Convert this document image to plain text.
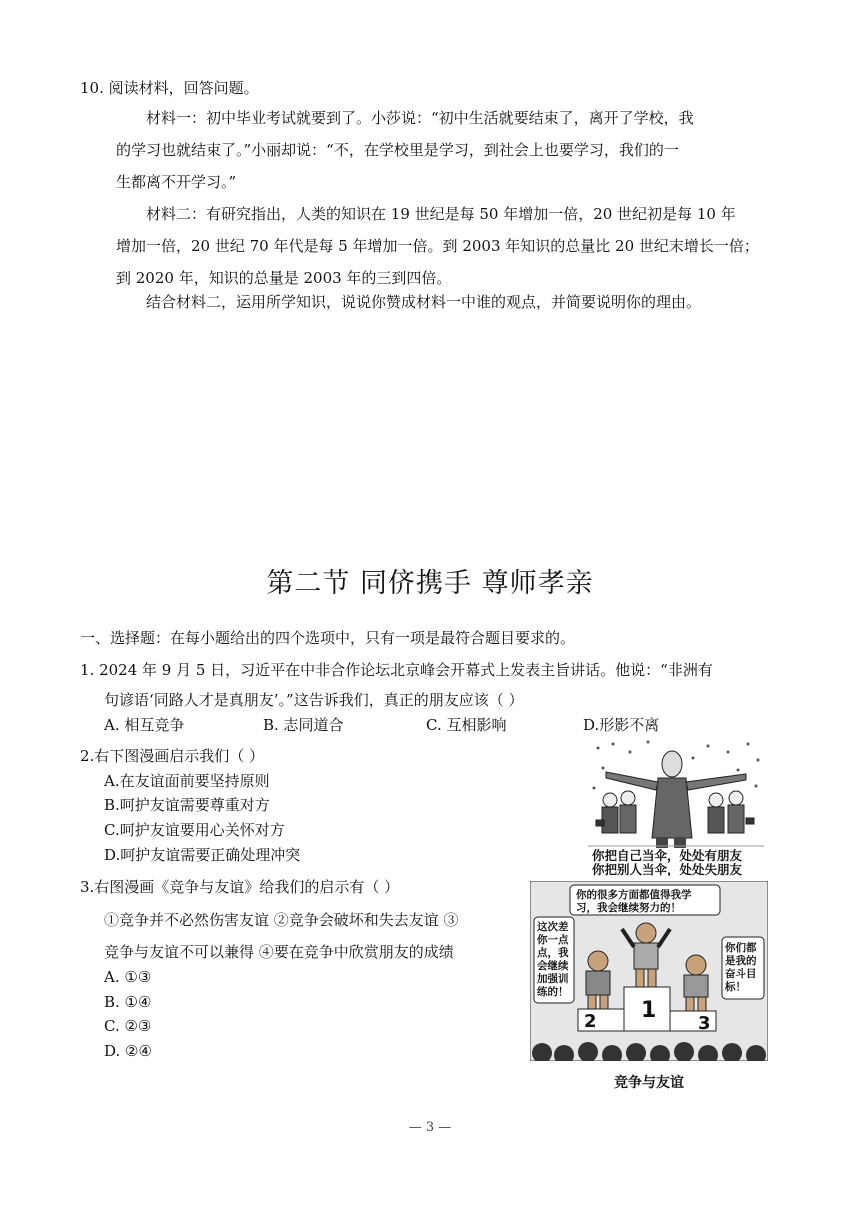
10. 阅读材料，回答问题。
材料一：初中毕业考试就要到了。小莎说：“初中生活就要结束了，离开了学校，我
的学习也就结束了。”小丽却说：“不，在学校里是学习，到社会上也要学习，我们的一
生都离不开学习。”
材料二：有研究指出，人类的知识在 19 世纪是每 50 年增加一倍，20 世纪初是每 10 年
增加一倍，20 世纪 70 年代是每 5 年增加一倍。到 2003 年知识的总量比 20 世纪末增长一倍；
到 2020 年，知识的总量是 2003 年的三到四倍。
结合材料二，运用所学知识，说说你赞成材料一中谁的观点，并简要说明你的理由。
第二节 同侪携手 尊师孝亲
一、选择题：在每小题给出的四个选项中，只有一项是最符合题目要求的。
1. 2024 年 9 月 5 日，习近平在中非合作论坛北京峰会开幕式上发表主旨讲话。他说：“非洲有
句谚语‘同路人才是真朋友’。”这告诉我们，真正的朋友应该（ ）
A. 相互竞争	B. 志同道合	C. 互相影响	D.形影不离
2.右下图漫画启示我们（ ）
A.在友谊面前要坚持原则
B.呵护友谊需要尊重对方
C.呵护友谊要用心关怀对方
D.呵护友谊需要正确处理冲突	你把自己当伞，处处有朋友
你把别人当伞，处处失朋友
3.右图漫画《竞争与友谊》给我们的启示有（ ）
①竞争并不必然伤害友谊 ②竞争会破坏和失去友谊 ③
竞争与友谊不可以兼得 ④要在竞争中欣赏朋友的成绩
A. ①③
B. ①④
C. ②③
D. ②④
你的很多方面都值得我学
习，我会继续努力的！
这次差
你一点
点，我
会继续
加强训
练的！
你们都
是我的
奋斗目
标！
1
2	3
竞争与友谊
— 3 —
